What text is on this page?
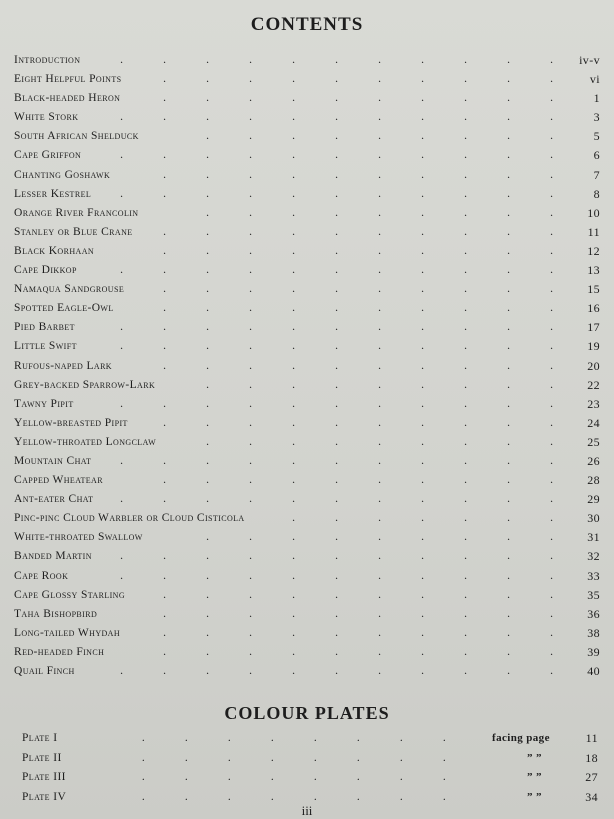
CONTENTS
.	.	.	.	.	.	.	.	.	.	.
Introduction	iv-v
.	.	.	.	.	.	.	.	.	.
Eight Helpful Points	vi
.	.	.	.	.	.	.	.	.	.
Black-headed Heron	1
.	.	.	.	.	.	.	.	.	.	.
White Stork	3
.	.	.	.	.	.	.	.	.
South African Shelduck	5
.	.	.	.	.	.	.	.	.	.	.
Cape Griffon	6
.	.	.	.	.	.	.	.	.	.
Chanting Goshawk	7
.	.	.	.	.	.	.	.	.	.	.
Lesser Kestrel	8
.	.	.	.	.	.	.	.	.
Orange River Francolin	10
.	.	.	.	.	.	.	.	.	.
Stanley or Blue Crane	11
.	.	.	.	.	.	.	.	.	.
Black Korhaan	12
.	.	.	.	.	.	.	.	.	.	.
Cape Dikkop	13
.	.	.	.	.	.	.	.	.	.
Namaqua Sandgrouse	15
.	.	.	.	.	.	.	.	.	.
Spotted Eagle-Owl	16
.	.	.	.	.	.	.	.	.	.	.
Pied Barbet	17
.	.	.	.	.	.	.	.	.	.	.
Little Swift	19
.	.	.	.	.	.	.	.	.	.
Rufous-naped Lark	20
.	.	.	.	.	.	.	.	.
Grey-backed Sparrow-Lark	22
.	.	.	.	.	.	.	.	.	.	.
Tawny Pipit	23
.	.	.	.	.	.	.	.	.	.
Yellow-breasted Pipit	24
.	.	.	.	.	.	.	.	.
Yellow-throated Longclaw	25
.	.	.	.	.	.	.	.	.	.	.
Mountain Chat	26
.	.	.	.	.	.	.	.	.	.
Capped Wheatear	28
.	.	.	.	.	.	.	.	.	.	.
Ant-eater Chat	29
.	.	.	.	.	.	.
Pinc-pinc Cloud Warbler or Cloud Cisticola	30
.	.	.	.	.	.	.	.	.
White-throated Swallow	31
.	.	.	.	.	.	.	.	.	.	.
Banded Martin	32
.	.	.	.	.	.	.	.	.	.	.
Cape Rook	33
.	.	.	.	.	.	.	.	.	.
Cape Glossy Starling	35
.	.	.	.	.	.	.	.	.	.
Taha Bishopbird	36
.	.	.	.	.	.	.	.	.	.
Long-tailed Whydah	38
.	.	.	.	.	.	.	.	.	.
Red-headed Finch	39
.	.	.	.	.	.	.	.	.	.	.
Quail Finch	40
COLOUR PLATES
Plate I	.	.	.	.	.	.	.	.	facing page	11
Plate II	.	.	.	.	.	.	.	.	” ”	18
Plate III	.	.	.	.	.	.	.	.	” ”	27
Plate IV	.	.	.	.	.	.	.	.	” ”	34
iii
